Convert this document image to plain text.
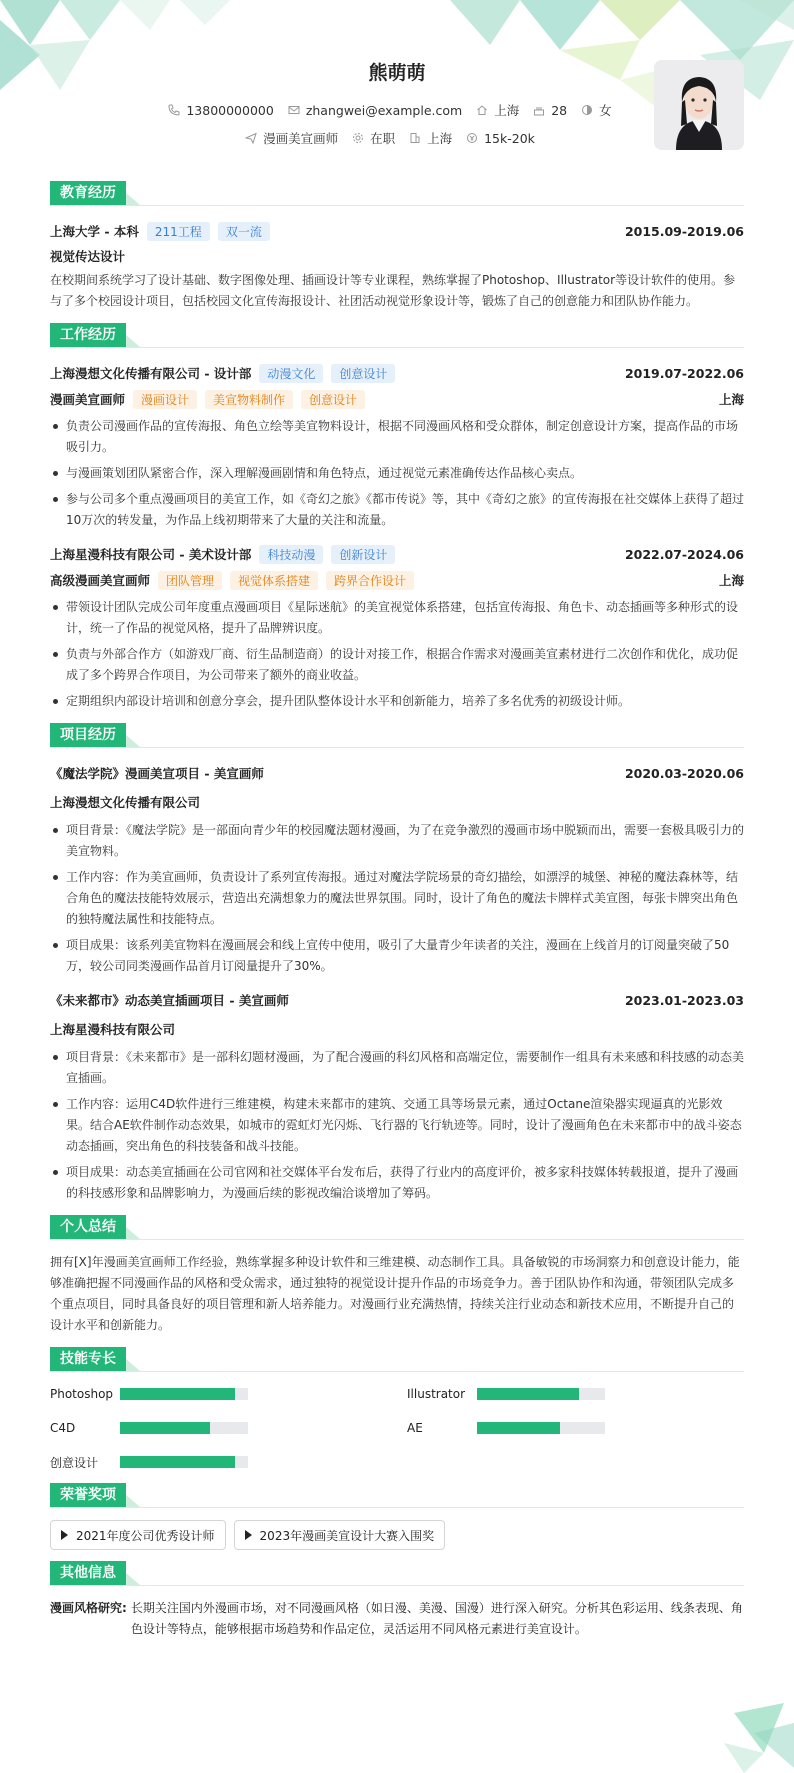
熊萌萌
13800000000	zhangwei@example.com	上海	28	女
漫画美宣画师	在职	上海	15k-20k
教育经历
上海大学 - 本科	211工程	双一流	2015.09-2019.06
视觉传达设计
在校期间系统学习了设计基础、数字图像处理、插画设计等专业课程，熟练掌握了Photoshop、Illustrator等设计软件的使用。参与了多个校园设计项目，包括校园文化宣传海报设计、社团活动视觉形象设计等，锻炼了自己的创意能力和团队协作能力。
工作经历
上海漫想文化传播有限公司 - 设计部	动漫文化	创意设计	2019.07-2022.06
漫画美宣画师	漫画设计	美宣物料制作	创意设计	上海
负责公司漫画作品的宣传海报、角色立绘等美宣物料设计，根据不同漫画风格和受众群体，制定创意设计方案，提高作品的市场吸引力。
与漫画策划团队紧密合作，深入理解漫画剧情和角色特点，通过视觉元素准确传达作品核心卖点。
参与公司多个重点漫画项目的美宣工作，如《奇幻之旅》《都市传说》等，其中《奇幻之旅》的宣传海报在社交媒体上获得了超过10万次的转发量，为作品上线初期带来了大量的关注和流量。
上海星漫科技有限公司 - 美术设计部	科技动漫	创新设计	2022.07-2024.06
高级漫画美宣画师	团队管理	视觉体系搭建	跨界合作设计	上海
带领设计团队完成公司年度重点漫画项目《星际迷航》的美宣视觉体系搭建，包括宣传海报、角色卡、动态插画等多种形式的设计，统一了作品的视觉风格，提升了品牌辨识度。
负责与外部合作方（如游戏厂商、衍生品制造商）的设计对接工作，根据合作需求对漫画美宣素材进行二次创作和优化，成功促成了多个跨界合作项目，为公司带来了额外的商业收益。
定期组织内部设计培训和创意分享会，提升团队整体设计水平和创新能力，培养了多名优秀的初级设计师。
项目经历
《魔法学院》漫画美宣项目 - 美宣画师	2020.03-2020.06
上海漫想文化传播有限公司
项目背景：《魔法学院》是一部面向青少年的校园魔法题材漫画，为了在竞争激烈的漫画市场中脱颖而出，需要一套极具吸引力的美宣物料。
工作内容：作为美宣画师，负责设计了系列宣传海报。通过对魔法学院场景的奇幻描绘，如漂浮的城堡、神秘的魔法森林等，结合角色的魔法技能特效展示，营造出充满想象力的魔法世界氛围。同时，设计了角色的魔法卡牌样式美宣图，每张卡牌突出角色的独特魔法属性和技能特点。
项目成果：该系列美宣物料在漫画展会和线上宣传中使用，吸引了大量青少年读者的关注，漫画在上线首月的订阅量突破了50万，较公司同类漫画作品首月订阅量提升了30%。
《未来都市》动态美宣插画项目 - 美宣画师	2023.01-2023.03
上海星漫科技有限公司
项目背景：《未来都市》是一部科幻题材漫画，为了配合漫画的科幻风格和高端定位，需要制作一组具有未来感和科技感的动态美宣插画。
工作内容：运用C4D软件进行三维建模，构建未来都市的建筑、交通工具等场景元素，通过Octane渲染器实现逼真的光影效果。结合AE软件制作动态效果，如城市的霓虹灯光闪烁、飞行器的飞行轨迹等。同时，设计了漫画角色在未来都市中的战斗姿态动态插画，突出角色的科技装备和战斗技能。
项目成果：动态美宣插画在公司官网和社交媒体平台发布后，获得了行业内的高度评价，被多家科技媒体转载报道，提升了漫画的科技感形象和品牌影响力，为漫画后续的影视改编洽谈增加了筹码。
个人总结
拥有[X]年漫画美宣画师工作经验，熟练掌握多种设计软件和三维建模、动态制作工具。具备敏锐的市场洞察力和创意设计能力，能够准确把握不同漫画作品的风格和受众需求，通过独特的视觉设计提升作品的市场竞争力。善于团队协作和沟通，带领团队完成多个重点项目，同时具备良好的项目管理和新人培养能力。对漫画行业充满热情，持续关注行业动态和新技术应用，不断提升自己的设计水平和创新能力。
技能专长
Photoshop	Illustrator
C4D	AE
创意设计
荣誉奖项
2021年度公司优秀设计师	2023年漫画美宣设计大赛入围奖
其他信息
漫画风格研究: 长期关注国内外漫画市场，对不同漫画风格（如日漫、美漫、国漫）进行深入研究。分析其色彩运用、线条表现、角色设计等特点，能够根据市场趋势和作品定位，灵活运用不同风格元素进行美宣设计。
